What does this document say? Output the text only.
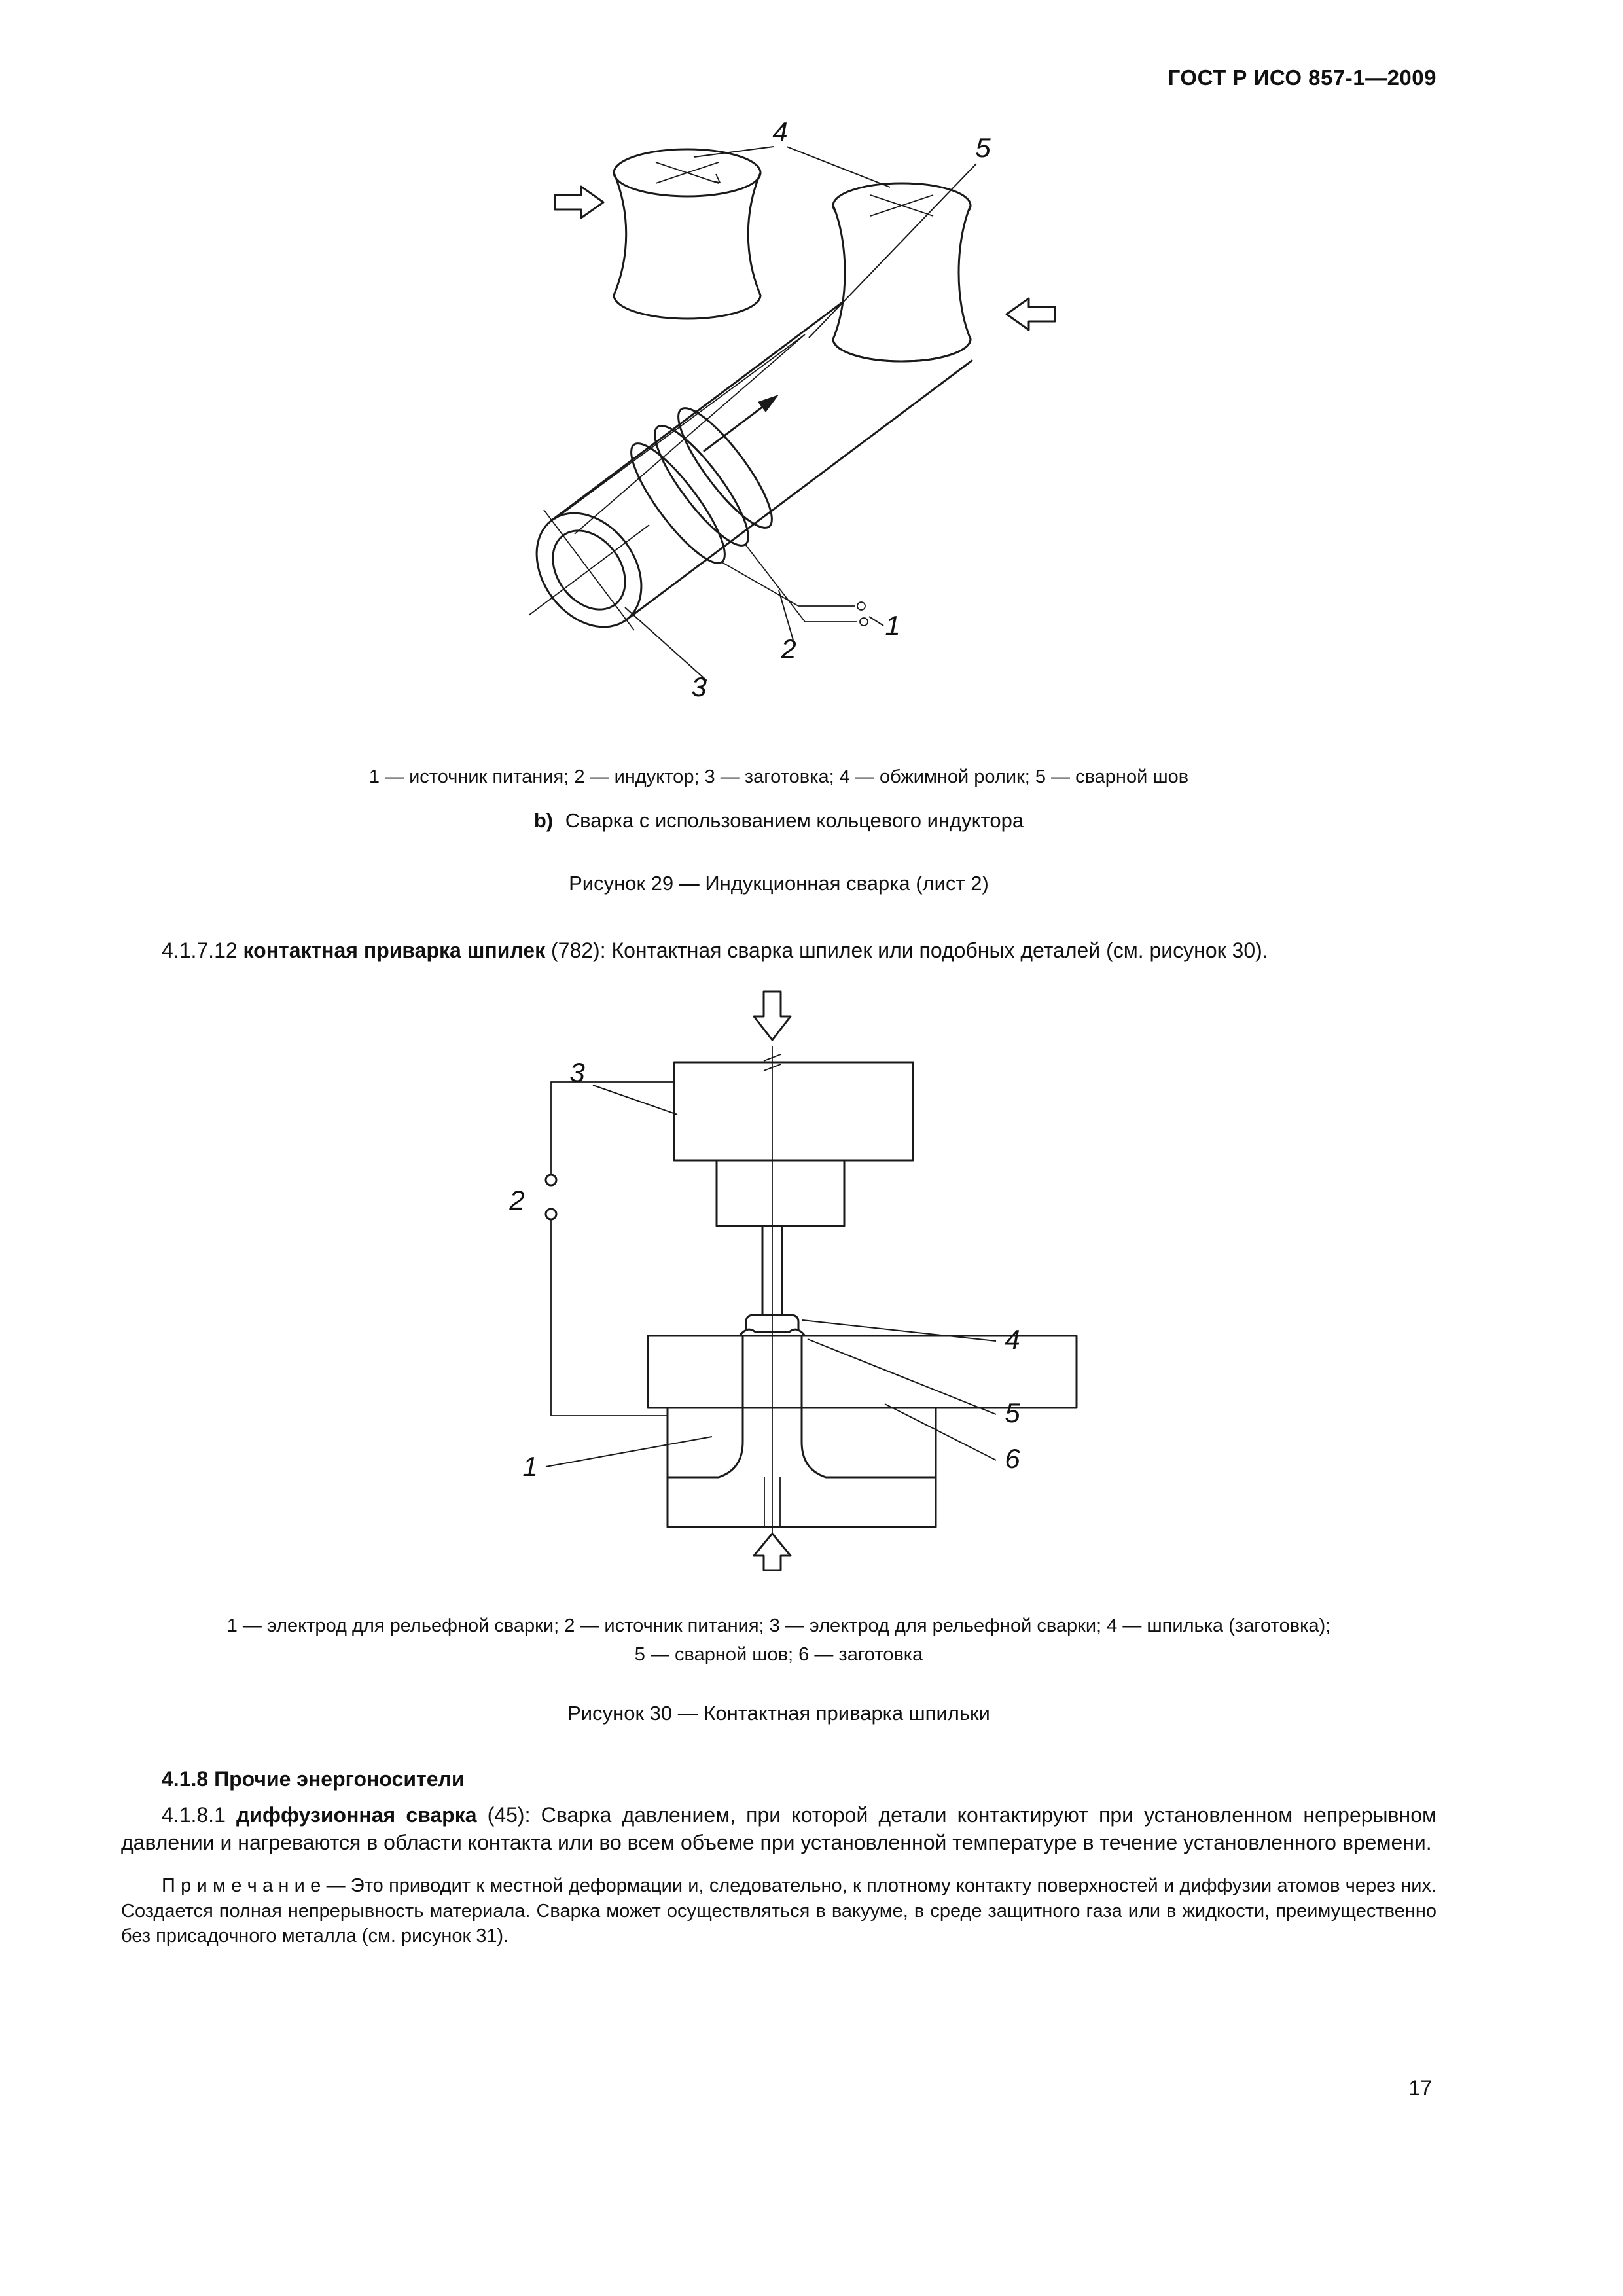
ГОСТ Р ИСО 857-1—2009
4
5
1
2
3
1 — источник питания; 2 — индуктор; 3 — заготовка; 4 — обжимной ролик; 5 — сварной шов
b) Сварка с использованием кольцевого индуктора
Рисунок 29 — Индукционная сварка (лист 2)

4.1.7.12 контактная приварка шпилек (782): Контактная сварка шпилек или подобных деталей (см. рисунок 30).

3
2
4
5
6
1
1 — электрод для рельефной сварки; 2 — источник питания; 3 — электрод для рельефной сварки; 4 — шпилька (заготовка);
5 — сварной шов; 6 — заготовка
Рисунок 30 — Контактная приварка шпильки

4.1.8 Прочие энергоносители

4.1.8.1 диффузионная сварка (45): Сварка давлением, при которой детали контактируют при установленном непрерывном давлении и нагреваются в области контакта или во всем объеме при установленной температуре в течение установленного времени.

П р и м е ч а н и е — Это приводит к местной деформации и, следовательно, к плотному контакту поверхностей и диффузии атомов через них. Создается полная непрерывность материала. Сварка может осуществляться в вакууме, в среде защитного газа или в жидкости, преимущественно без присадочного металла (см. рисунок 31).

17
